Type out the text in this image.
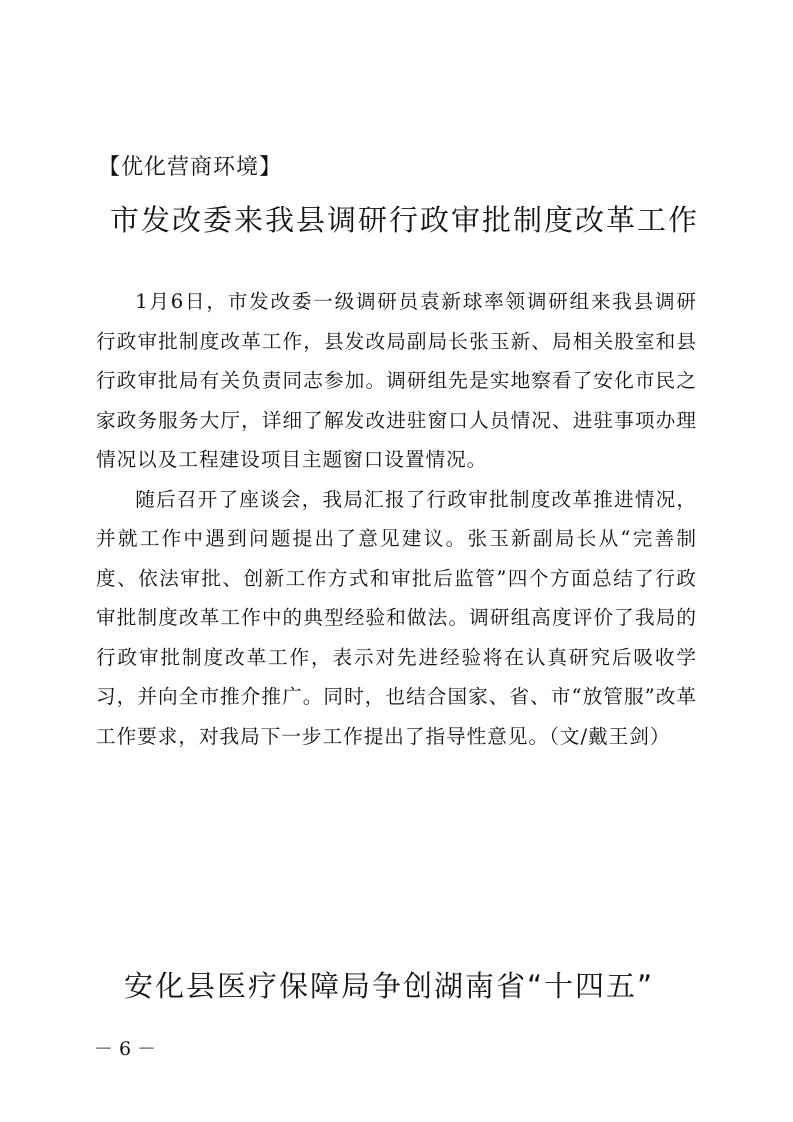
【优化营商环境】
市发改委来我县调研行政审批制度改革工作

1月6日，市发改委一级调研员袁新球率领调研组来我县调研行政审批制度改革工作，县发改局副局长张玉新、局相关股室和县行政审批局有关负责同志参加。调研组先是实地察看了安化市民之家政务服务大厅，详细了解发改进驻窗口人员情况、进驻事项办理情况以及工程建设项目主题窗口设置情况。

随后召开了座谈会，我局汇报了行政审批制度改革推进情况，并就工作中遇到问题提出了意见建议。张玉新副局长从“完善制度、依法审批、创新工作方式和审批后监管”四个方面总结了行政审批制度改革工作中的典型经验和做法。调研组高度评价了我局的行政审批制度改革工作，表示对先进经验将在认真研究后吸收学习，并向全市推介推广。同时，也结合国家、省、市“放管服”改革工作要求，对我局下一步工作提出了指导性意见。（文/戴王剑）

安化县医疗保障局争创湖南省“十四五”
－ 6 －
